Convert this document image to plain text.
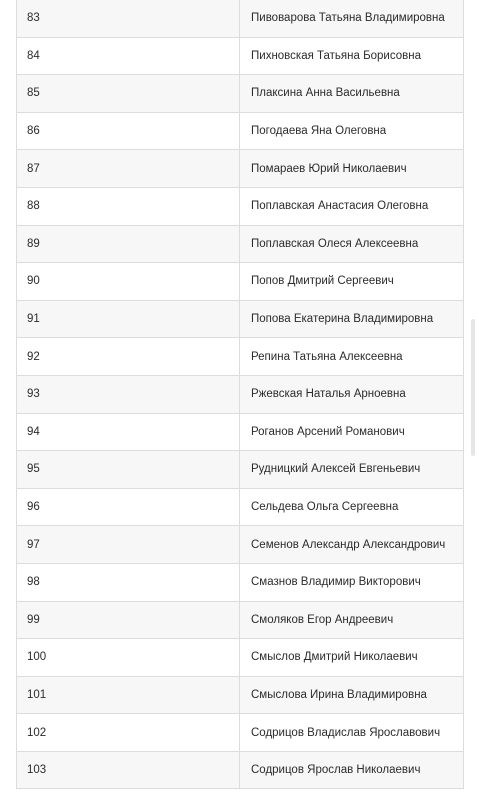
83	Пивоварова Татьяна Владимировна
84	Пихновская Татьяна Борисовна
85	Плаксина Анна Васильевна
86	Погодаева Яна Олеговна
87	Помараев Юрий Николаевич
88	Поплавская Анастасия Олеговна
89	Поплавская Олеся Алексеевна
90	Попов Дмитрий Сергеевич
91	Попова Екатерина Владимировна
92	Репина Татьяна Алексеевна
93	Ржевская Наталья Арноевна
94	Роганов Арсений Романович
95	Рудницкий Алексей Евгеньевич
96	Сельдева Ольга Сергеевна
97	Семенов Александр Александрович
98	Смазнов Владимир Викторович
99	Смоляков Егор Андреевич
100	Смыслов Дмитрий Николаевич
101	Смыслова Ирина Владимировна
102	Содрицов Владислав Ярославович
103	Содрицов Ярослав Николаевич
